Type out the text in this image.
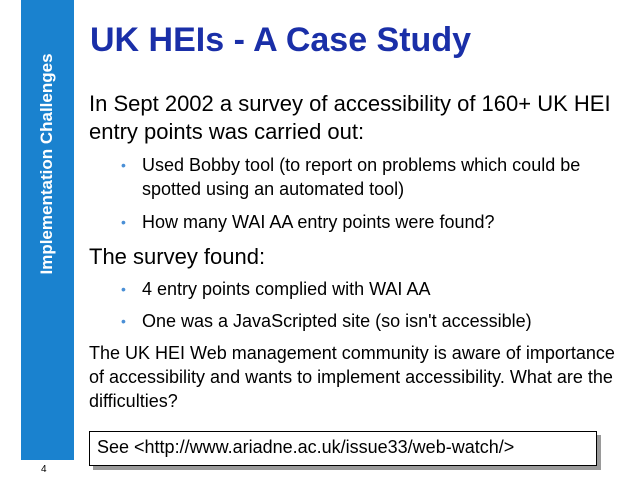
Implementation Challenges
4
UK HEIs - A Case Study
In Sept 2002 a survey of accessibility of 160+ UK HEI entry points was carried out:
• Used Bobby tool (to report on problems which could be spotted using an automated tool)
• How many WAI AA entry points were found?
The survey found:
• 4 entry points complied with WAI AA
• One was a JavaScripted site (so isn't accessible)
The UK HEI Web management community is aware of importance of accessibility and wants to implement accessibility. What are the difficulties?
See <http://www.ariadne.ac.uk/issue33/web-watch/>
